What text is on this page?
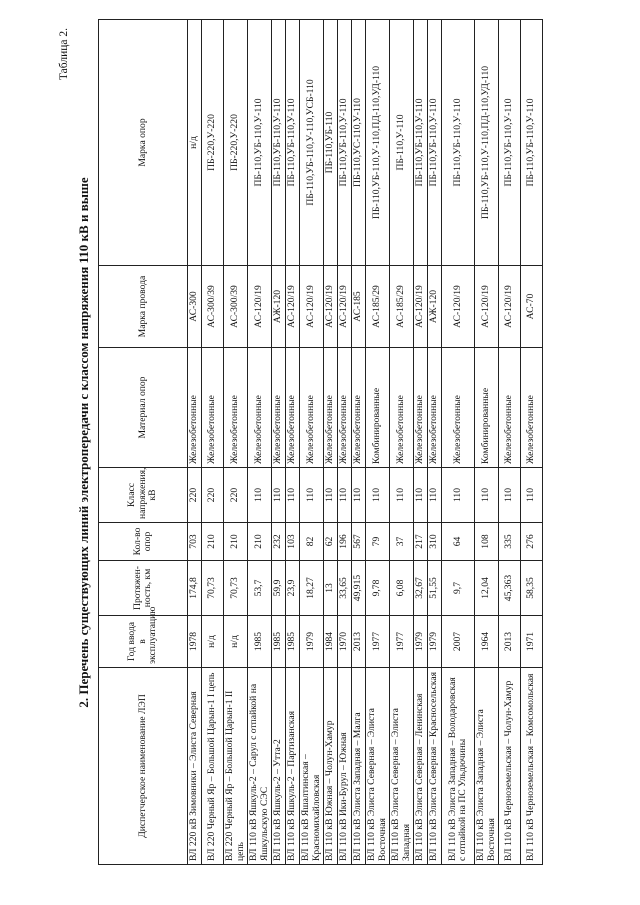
Таблица 2.
2. Перечень существующих линий электропередачи с классом напряжения 110 кВ и выше
Диспетчерское наименование ЛЭП	Год ввода в эксплуатацию	Протяжен-ность, км	Кол-во опор	Класс напряжения, кВ	Материал опор	Марка провода	Марка опор
ВЛ 220 кВ Зимовники – Элиста Северная	1978	174,8	703	220	Железобетонные	АС-300	н/д
ВЛ 220 Черный Яр – Большой Царын-1 I цепь	н/д	70,73	210	220	Железобетонные	АС-300/39	ПБ-220,У-220
ВЛ 220 Черный Яр – Большой Царын-1 II цепь	н/д	70,73	210	220	Железобетонные	АС-300/39	ПБ-220,У-220
ВЛ 110 кВ Яшкуль-2 – Сарул с отпайкой на Яшкульскую СЭС	1985	53,7	210	110	Железобетонные	АС-120/19	ПБ-110,УБ-110,У-110
ВЛ 110 кВ Яшкуль-2 – Утта-2	1985	59,9	232	110	Железобетонные	АЖ-120	ПБ-110,УБ-110,У-110
ВЛ 110 кВ Яшкуль-2 – Партизанская	1985	23,9	103	110	Железобетонные	АС-120/19	ПБ-110,УБ-110,У-110
ВЛ 110 кВ Яшалтинская – Красномихайловская	1979	18,27	82	110	Железобетонные	АС-120/19	ПБ-110,УБ-110,У-110,УСБ-110
ВЛ 110 кВ Южная – Чолун-Хамур	1984	13	62	110	Железобетонные	АС-120/19	ПБ-110,УБ-110
ВЛ 110 кВ Ики-Бурул – Южная	1970	33,65	196	110	Железобетонные	АС-120/19	ПБ-110,УБ-110,У-110
ВЛ 110 кВ Элиста Западная – Малга	2013	49,915	567	110	Железобетонные	АС-185	ПБ-110,УС-110,У-110
ВЛ 110 кВ Элиста Северная – Элиста Восточная	1977	9,78	79	110	Комбинированные	АС-185/29	ПБ-110,УБ-110,У-110,ПД-110,УД-110
ВЛ 110 кВ Элиста Северная – Элиста Западная	1977	6,08	37	110	Железобетонные	АС-185/29	ПБ-110,У-110
ВЛ 110 кВ Элиста Северная – Ленинская	1979	32,67	217	110	Железобетонные	АС-120/19	ПБ-110,УБ-110,У-110
ВЛ 110 кВ Элиста Северная – Красносельская	1979	51,55	310	110	Железобетонные	АЖ-120	ПБ-110,УБ-110,У-110
ВЛ 110 кВ Элиста Западная – Володаровская с отпайкой на ПС Ульдючины	2007	9,7	64	110	Железобетонные	АС-120/19	ПБ-110,УБ-110,У-110
ВЛ 110 кВ Элиста Западная – Элиста Восточная	1964	12,04	108	110	Комбинированные	АС-120/19	ПБ-110,УБ-110,У-110,ПД-110,УД-110
ВЛ 110 кВ Черноземельская – Чолун-Хамур	2013	45,363	335	110	Железобетонные	АС-120/19	ПБ-110,УБ-110,У-110
ВЛ 110 кВ Черноземельская – Комсомольская	1971	58,35	276	110	Железобетонные	АС-70	ПБ-110,УБ-110,У-110
